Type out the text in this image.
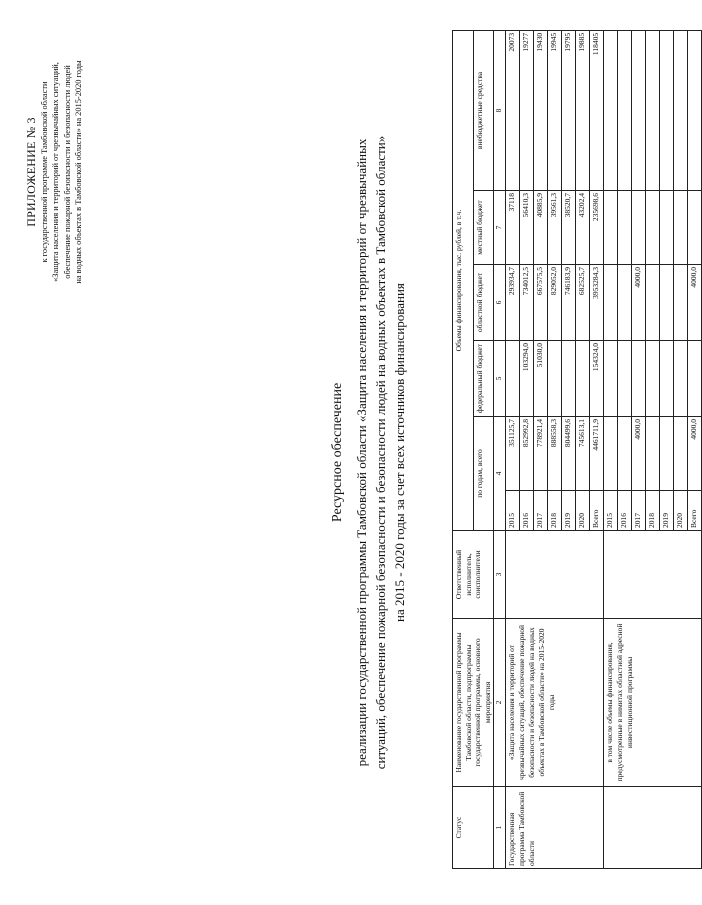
ПРИЛОЖЕНИЕ № 3 к государственной программе Тамбовской области «Защита населения и территорий от чрезвычайных ситуаций, обеспечение пожарной безопасности и безопасности людей на водных объектах в Тамбовской области» на 2015-2020 годы
Ресурсное обеспечение реализации государственной программы Тамбовской области «Защита населения и территорий от чрезвычайных ситуаций, обеспечение пожарной безопасности и безопасности людей на водных объектах в Тамбовской области» на 2015 - 2020 годы за счет всех источников финансирования
Статус	Наименование государственной программы Тамбовской области, подпрограммы государственной программы, основного мероприятия	Ответственный исполнитель, соисполнители	Объемы финансирования, тыс. рублей, в т.ч.					
			по годам, всего		федеральный бюджет	областной бюджет	местный бюджет	внебюджетные средства
1	2	3	4		5	6	7	8
Государственная программа Тамбовской области	«Защита населения и территорий от чрезвычайных ситуаций, обеспечение пожарной безопасности и безопасности людей на водных объектах в Тамбовской области» на 2015-2020 годы		2015	351125,7		293934,7	37118	20073
			2016	852992,8	103294,0	734012,5	56410,3	19277
			2017	778921,4	51030,0	667575,5	40885,9	19430
			2018	888558,3		829052,0	39561,3	19945
			2019	804499,6		746183,9	38520,7	19795
			2020	745613,1		682525,7	43202,4	19885
			Всего	4461711,9	154324,0	3953284,3	235698,6	118405
	в том числе объемы финансирования, предусмотренные в нимитах областной адресной инвестиционной программы		2015					
			2016					
			2017	4000,0		4000,0		
			2018					
			2019					
			2020					
			Всего	4000,0		4000,0		
